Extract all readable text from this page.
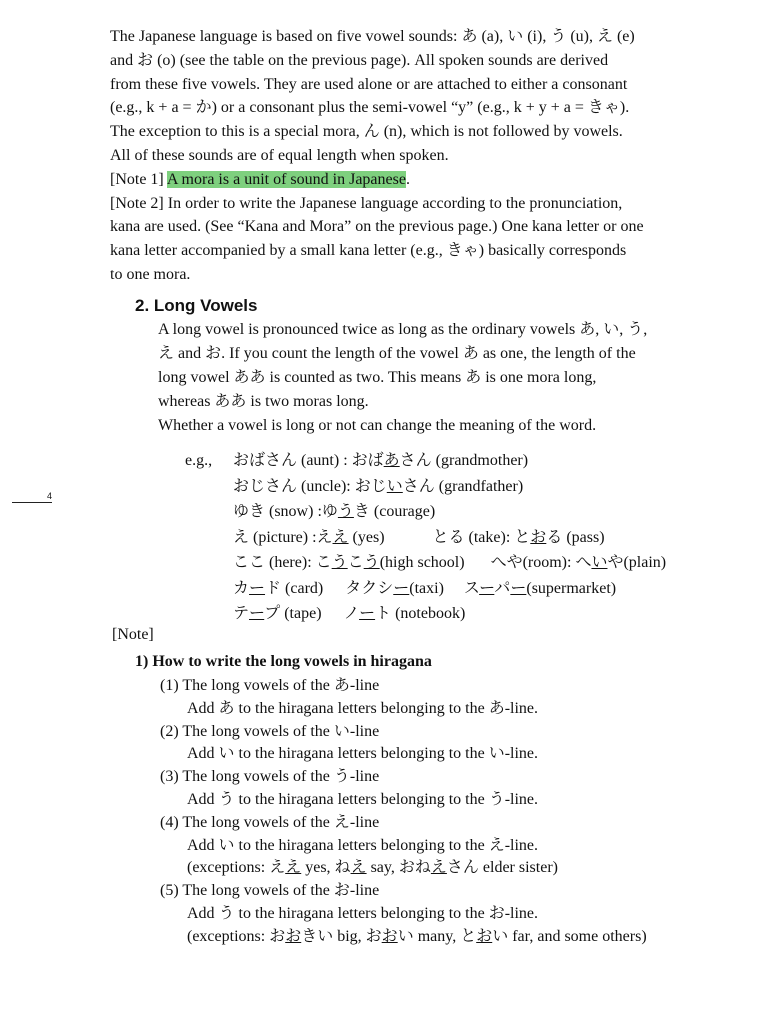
The Japanese language is based on five vowel sounds: あ (a), い (i), う (u), え (e)

and お (o) (see the table on the previous page). All spoken sounds are derived

from these five vowels. They are used alone or are attached to either a consonant

(e.g., k + a = か) or a consonant plus the semi-vowel “y” (e.g., k + y + a = きゃ).

The exception to this is a special mora, ん (n), which is not followed by vowels.

All of these sounds are of equal length when spoken.

[Note 1] A mora is a unit of sound in Japanese.

[Note 2] In order to write the Japanese language according to the pronunciation,

kana are used. (See “Kana and Mora” on the previous page.) One kana letter or one

kana letter accompanied by a small kana letter (e.g., きゃ) basically corresponds

to one mora.

2. Long Vowels

A long vowel is pronounced twice as long as the ordinary vowels あ, い, う,

え and お. If you count the length of the vowel あ as one, the length of the

long vowel ああ is counted as two. This means あ is one mora long,

whereas ああ is two moras long.

Whether a vowel is long or not can change the meaning of the word.

e.g., おばさん (aunt) : おばあさん (grandmother)
おじさん (uncle): おじいさん (grandfather)
ゆき (snow) :ゆうき (courage)
え (picture) :ええ (yes)	とる (take): とおる (pass)
ここ (here): こうこう(high school) へや(room): へいや(plain)
カード (card) タクシー(taxi) スーパー(supermarket)
テープ (tape) ノート (notebook)
4

[Note]

1) How to write the long vowels in hiragana

(1) The long vowels of the あ-line

Add あ to the hiragana letters belonging to the あ-line.

(2) The long vowels of the い-line

Add い to the hiragana letters belonging to the い-line.

(3) The long vowels of the う-line

Add う to the hiragana letters belonging to the う-line.

(4) The long vowels of the え-line

Add い to the hiragana letters belonging to the え-line.

(exceptions: ええ yes, ねえ say, おねえさん elder sister)

(5) The long vowels of the お-line

Add う to the hiragana letters belonging to the お-line.

(exceptions: おおきい big, おおい many, とおい far, and some others)
